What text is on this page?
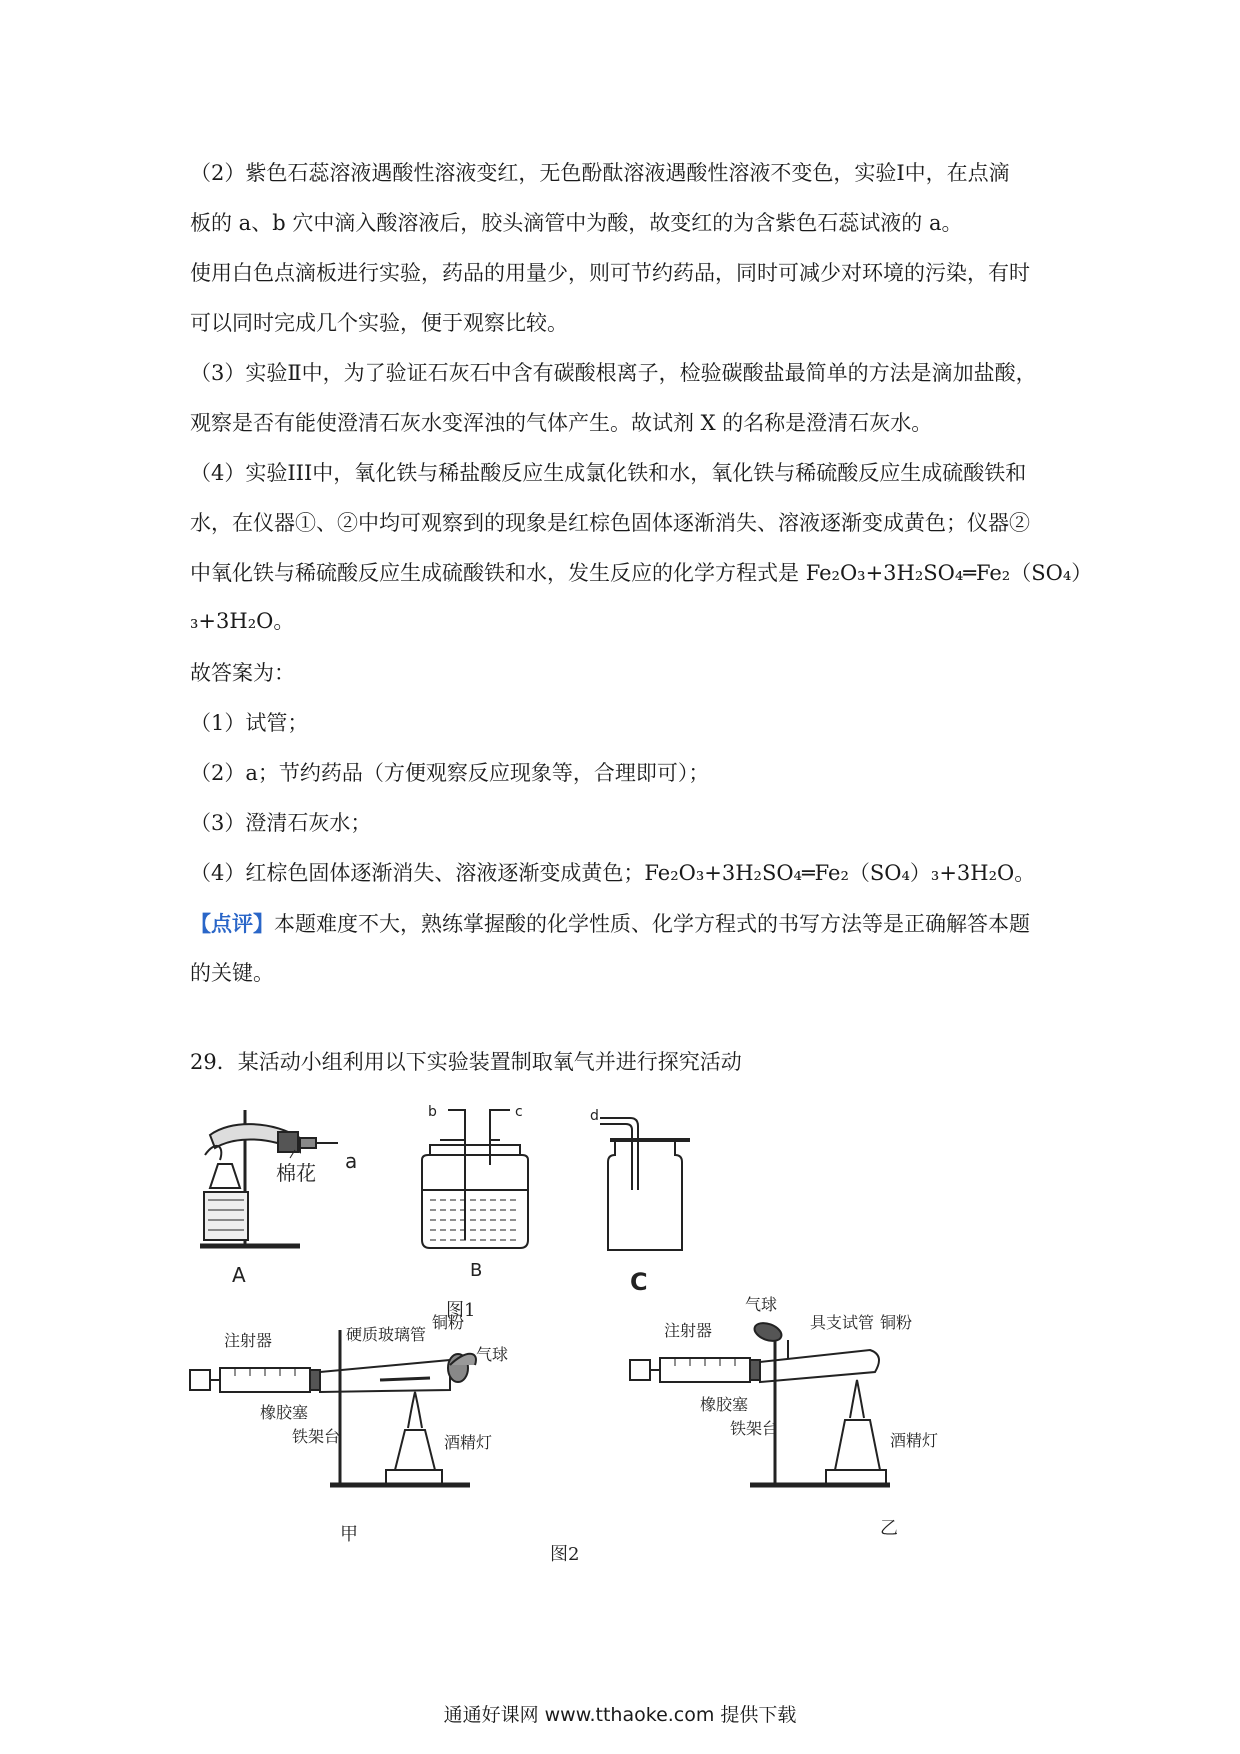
（2）紫色石蕊溶液遇酸性溶液变红，无色酚酞溶液遇酸性溶液不变色，实验Ⅰ中，在点滴
板的 a、b 穴中滴入酸溶液后，胶头滴管中为酸，故变红的为含紫色石蕊试液的 a。
使用白色点滴板进行实验，药品的用量少，则可节约药品，同时可减少对环境的污染，有时
可以同时完成几个实验，便于观察比较。
（3）实验Ⅱ中，为了验证石灰石中含有碳酸根离子，检验碳酸盐最简单的方法是滴加盐酸，
观察是否有能使澄清石灰水变浑浊的气体产生。故试剂 X 的名称是澄清石灰水。
（4）实验III中，氧化铁与稀盐酸反应生成氯化铁和水，氧化铁与稀硫酸反应生成硫酸铁和
水，在仪器①、②中均可观察到的现象是红棕色固体逐渐消失、溶液逐渐变成黄色；仪器②
中氧化铁与稀硫酸反应生成硫酸铁和水，发生反应的化学方程式是 Fe₂O₃+3H₂SO₄═Fe₂（SO₄）
₃+3H₂O。
故答案为：
（1）试管；
（2）a；节约药品（方便观察反应现象等，合理即可）；
（3）澄清石灰水；
（4）红棕色固体逐渐消失、溶液逐渐变成黄色；Fe₂O₃+3H₂SO₄═Fe₂（SO₄）₃+3H₂O。
【点评】本题难度不大，熟练掌握酸的化学性质、化学方程式的书写方法等是正确解答本题
的关键。
29．某活动小组利用以下实验装置制取氧气并进行探究活动
a
棉花
A
b	c
B
d
C
图1
注射器	硬质玻璃管
铜粉
气球
橡胶塞
铁架台	酒精灯
甲
注射器
气球
具支试管 铜粉
橡胶塞
铁架台
酒精灯
乙
图2
通通好课网 www.tthaoke.com 提供下载
